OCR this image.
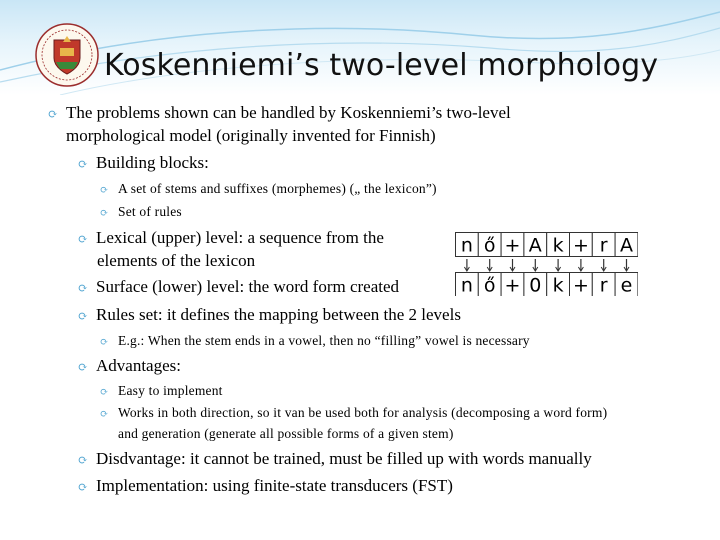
Koskenniemi’s two-level morphology
⟳ The problems shown can be handled by Koskenniemi’s two-level
morphological model (originally invented for Finnish)
⟳ Building blocks:
⟳ A set of stems and suffixes (morphemes) („ the lexicon”)
⟳ Set of rules
⟳ Lexical (upper) level: a sequence from the
elements of the lexicon
⟳ Surface (lower) level: the word form created
⟳ Rules set: it defines the mapping between the 2 levels
⟳ E.g.: When the stem ends in a vowel, then no “filling” vowel is necessary
⟳ Advantages:
⟳ Easy to implement
⟳ Works in both direction, so it van be used both for analysis (decomposing a word form)
and generation (generate all possible forms of a given stem)
⟳ Disdvantage: it cannot be trained, must be filled up with words manually
⟳ Implementation: using finite-state transducers (FST)
n ő + A k + r A
n ő + 0 k + r e
